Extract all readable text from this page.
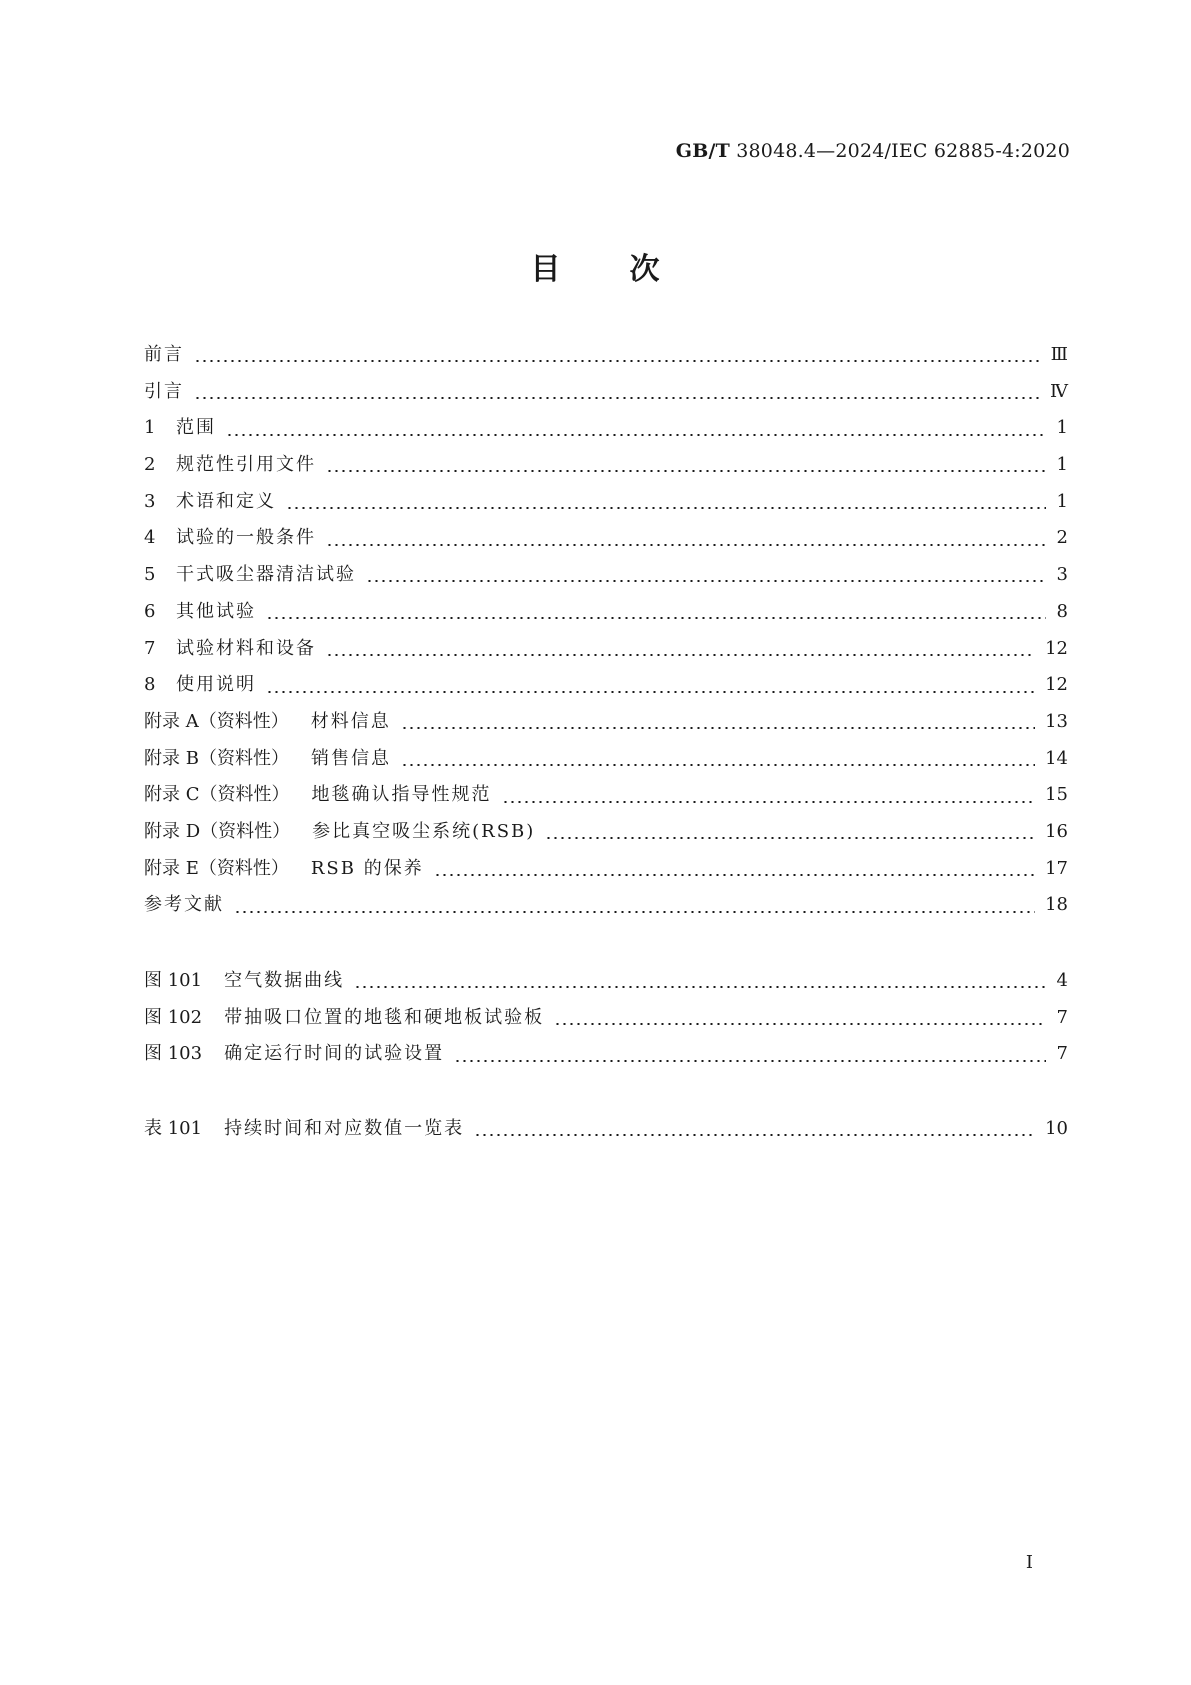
GB/T 38048.4—2024/IEC 62885-4:2020
目 次
前言	Ⅲ
引言	Ⅳ
1	范围	1
2	规范性引用文件	1
3	术语和定义	1
4	试验的一般条件	2
5	干式吸尘器清洁试验	3
6	其他试验	8
7	试验材料和设备	12
8	使用说明	12
附录 A（资料性） 材料信息	13
附录 B（资料性） 销售信息	14
附录 C（资料性） 地毯确认指导性规范	15
附录 D（资料性） 参比真空吸尘系统(RSB)	16
附录 E（资料性） RSB 的保养	17
参考文献	18
图 101 空气数据曲线	4
图 102 带抽吸口位置的地毯和硬地板试验板	7
图 103 确定运行时间的试验设置	7
表 101 持续时间和对应数值一览表	10
I
